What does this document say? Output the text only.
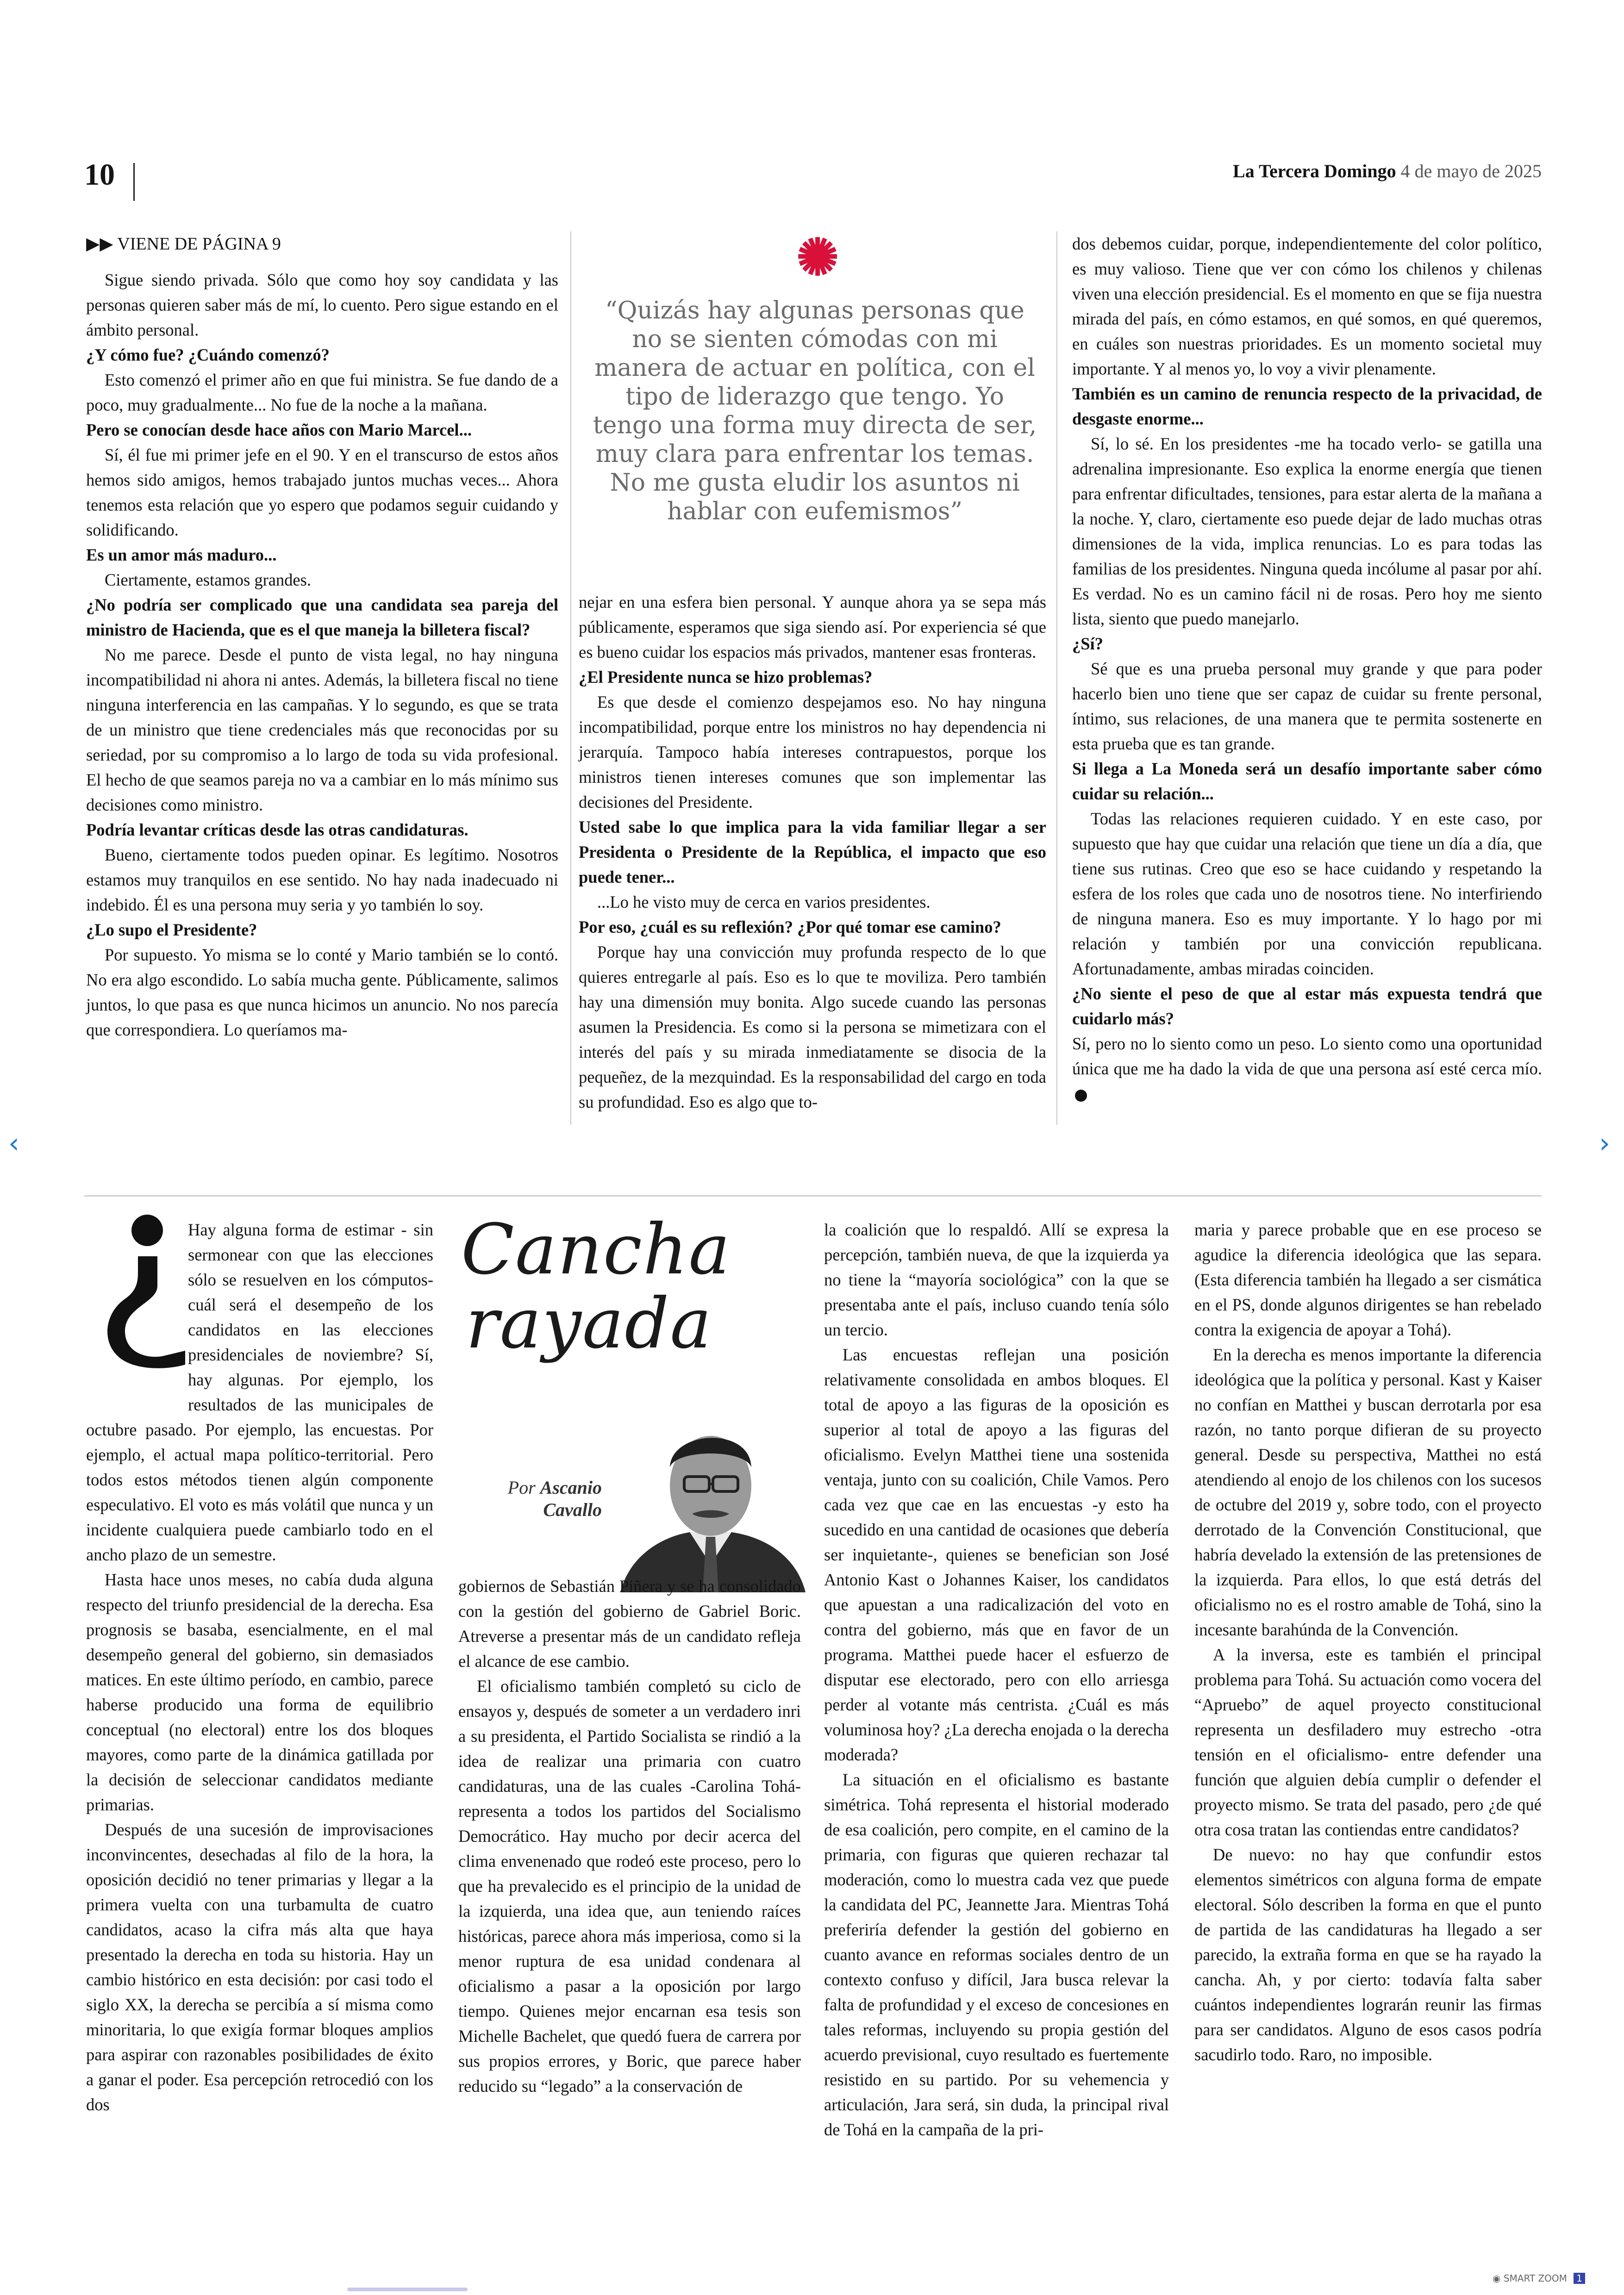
10	La Tercera Domingo 4 de mayo de 2025
‹	›
▶▶ VIENE DE PÁGINA 9

Sigue siendo privada. Sólo que como hoy soy candidata y las personas quieren saber más de mí, lo cuento. Pero sigue estando en el ámbito personal.

¿Y cómo fue? ¿Cuándo comenzó?

Esto comenzó el primer año en que fui ministra. Se fue dando de a poco, muy gradualmente... No fue de la noche a la mañana.

Pero se conocían desde hace años con Mario Marcel...

Sí, él fue mi primer jefe en el 90. Y en el transcurso de estos años hemos sido amigos, hemos trabajado juntos muchas veces... Ahora tenemos esta relación que yo espero que podamos seguir cuidando y solidificando.

Es un amor más maduro...

Ciertamente, estamos grandes.

¿No podría ser complicado que una candidata sea pareja del ministro de Hacienda, que es el que maneja la billetera fiscal?

No me parece. Desde el punto de vista legal, no hay ninguna incompatibilidad ni ahora ni antes. Además, la billetera fiscal no tiene ninguna interferencia en las campañas. Y lo segundo, es que se trata de un ministro que tiene credenciales más que reconocidas por su seriedad, por su compromiso a lo largo de toda su vida profesional. El hecho de que seamos pareja no va a cambiar en lo más mínimo sus decisiones como ministro.

Podría levantar críticas desde las otras candidaturas.

Bueno, ciertamente todos pueden opinar. Es legítimo. Nosotros estamos muy tranquilos en ese sentido. No hay nada inadecuado ni indebido. Él es una persona muy seria y yo también lo soy.

¿Lo supo el Presidente?

Por supuesto. Yo misma se lo conté y Mario también se lo contó. No era algo escondido. Lo sabía mucha gente. Públicamente, salimos juntos, lo que pasa es que nunca hicimos un anuncio. No nos parecía que correspondiera. Lo queríamos ma-

✺
“Quizás hay algunas personas que no se sienten cómodas con mi manera de actuar en política, con el tipo de liderazgo que tengo. Yo tengo una forma muy directa de ser, muy clara para enfrentar los temas. No me gusta eludir los asuntos ni hablar con eufemismos”

nejar en una esfera bien personal. Y aunque ahora ya se sepa más públicamente, esperamos que siga siendo así. Por experiencia sé que es bueno cuidar los espacios más privados, mantener esas fronteras.

¿El Presidente nunca se hizo problemas?

Es que desde el comienzo despejamos eso. No hay ninguna incompatibilidad, porque entre los ministros no hay dependencia ni jerarquía. Tampoco había intereses contrapuestos, porque los ministros tienen intereses comunes que son implementar las decisiones del Presidente.

Usted sabe lo que implica para la vida familiar llegar a ser Presidenta o Presidente de la República, el impacto que eso puede tener...

...Lo he visto muy de cerca en varios presidentes.

Por eso, ¿cuál es su reflexión? ¿Por qué tomar ese camino?

Porque hay una convicción muy profunda respecto de lo que quieres entregarle al país. Eso es lo que te moviliza. Pero también hay una dimensión muy bonita. Algo sucede cuando las personas asumen la Presidencia. Es como si la persona se mimetizara con el interés del país y su mirada inmediatamente se disocia de la pequeñez, de la mezquindad. Es la responsabilidad del cargo en toda su profundidad. Eso es algo que to-

dos debemos cuidar, porque, independientemente del color político, es muy valioso. Tiene que ver con cómo los chilenos y chilenas viven una elección presidencial. Es el momento en que se fija nuestra mirada del país, en cómo estamos, en qué somos, en qué queremos, en cuáles son nuestras prioridades. Es un momento societal muy importante. Y al menos yo, lo voy a vivir plenamente.

También es un camino de renuncia respecto de la privacidad, de desgaste enorme...

Sí, lo sé. En los presidentes -me ha tocado verlo- se gatilla una adrenalina impresionante. Eso explica la enorme energía que tienen para enfrentar dificultades, tensiones, para estar alerta de la mañana a la noche. Y, claro, ciertamente eso puede dejar de lado muchas otras dimensiones de la vida, implica renuncias. Lo es para todas las familias de los presidentes. Ninguna queda incólume al pasar por ahí. Es verdad. No es un camino fácil ni de rosas. Pero hoy me siento lista, siento que puedo manejarlo.

¿Sí?

Sé que es una prueba personal muy grande y que para poder hacerlo bien uno tiene que ser capaz de cuidar su frente personal, íntimo, sus relaciones, de una manera que te permita sostenerte en esta prueba que es tan grande.

Si llega a La Moneda será un desafío importante saber cómo cuidar su relación...

Todas las relaciones requieren cuidado. Y en este caso, por supuesto que hay que cuidar una relación que tiene un día a día, que tiene sus rutinas. Creo que eso se hace cuidando y respetando la esfera de los roles que cada uno de nosotros tiene. No interfiriendo de ninguna manera. Eso es muy importante. Y lo hago por mi relación y también por una convicción republicana. Afortunadamente, ambas miradas coinciden.

¿No siente el peso de que al estar más expuesta tendrá que cuidarlo más?

Sí, pero no lo siento como un peso. Lo siento como una oportunidad única que me ha dado la vida de que una persona así esté cerca mío.

Hay alguna forma de estimar - sin sermonear con que las elecciones sólo se resuelven en los cómputos- cuál será el desempeño de los candidatos en las elecciones presidenciales de noviembre? Sí, hay algunas. Por ejemplo, los resultados de las municipales de octubre pasado. Por ejemplo, las encuestas. Por ejemplo, el actual mapa político-territorial. Pero todos estos métodos tienen algún componente especulativo. El voto es más volátil que nunca y un incidente cualquiera puede cambiarlo todo en el ancho plazo de un semestre.

Hasta hace unos meses, no cabía duda alguna respecto del triunfo presidencial de la derecha. Esa prognosis se basaba, esencialmente, en el mal desempeño general del gobierno, sin demasiados matices. En este último período, en cambio, parece haberse producido una forma de equilibrio conceptual (no electoral) entre los dos bloques mayores, como parte de la dinámica gatillada por la decisión de seleccionar candidatos mediante primarias.

Después de una sucesión de improvisaciones inconvincentes, desechadas al filo de la hora, la oposición decidió no tener primarias y llegar a la primera vuelta con una turbamulta de cuatro candidatos, acaso la cifra más alta que haya presentado la derecha en toda su historia. Hay un cambio histórico en esta decisión: por casi todo el siglo XX, la derecha se percibía a sí misma como minoritaria, lo que exigía formar bloques amplios para aspirar con razonables posibilidades de éxito a ganar el poder. Esa percepción retrocedió con los dos

Cancha
rayada
Por Ascanio
Cavallo

gobiernos de Sebastián Piñera y se ha consolidado con la gestión del gobierno de Gabriel Boric. Atreverse a presentar más de un candidato refleja el alcance de ese cambio.

El oficialismo también completó su ciclo de ensayos y, después de someter a un verdadero inri a su presidenta, el Partido Socialista se rindió a la idea de realizar una primaria con cuatro candidaturas, una de las cuales -Carolina Tohá- representa a todos los partidos del Socialismo Democrático. Hay mucho por decir acerca del clima envenenado que rodeó este proceso, pero lo que ha prevalecido es el principio de la unidad de la izquierda, una idea que, aun teniendo raíces históricas, parece ahora más imperiosa, como si la menor ruptura de esa unidad condenara al oficialismo a pasar a la oposición por largo tiempo. Quienes mejor encarnan esa tesis son Michelle Bachelet, que quedó fuera de carrera por sus propios errores, y Boric, que parece haber reducido su “legado” a la conservación de

la coalición que lo respaldó. Allí se expresa la percepción, también nueva, de que la izquierda ya no tiene la “mayoría sociológica” con la que se presentaba ante el país, incluso cuando tenía sólo un tercio.

Las encuestas reflejan una posición relativamente consolidada en ambos bloques. El total de apoyo a las figuras de la oposición es superior al total de apoyo a las figuras del oficialismo. Evelyn Matthei tiene una sostenida ventaja, junto con su coalición, Chile Vamos. Pero cada vez que cae en las encuestas -y esto ha sucedido en una cantidad de ocasiones que debería ser inquietante-, quienes se benefician son José Antonio Kast o Johannes Kaiser, los candidatos que apuestan a una radicalización del voto en contra del gobierno, más que en favor de un programa. Matthei puede hacer el esfuerzo de disputar ese electorado, pero con ello arriesga perder al votante más centrista. ¿Cuál es más voluminosa hoy? ¿La derecha enojada o la derecha moderada?

La situación en el oficialismo es bastante simétrica. Tohá representa el historial moderado de esa coalición, pero compite, en el camino de la primaria, con figuras que quieren rechazar tal moderación, como lo muestra cada vez que puede la candidata del PC, Jeannette Jara. Mientras Tohá preferiría defender la gestión del gobierno en cuanto avance en reformas sociales dentro de un contexto confuso y difícil, Jara busca relevar la falta de profundidad y el exceso de concesiones en tales reformas, incluyendo su propia gestión del acuerdo previsional, cuyo resultado es fuertemente resistido en su partido. Por su vehemencia y articulación, Jara será, sin duda, la principal rival de Tohá en la campaña de la pri-

maria y parece probable que en ese proceso se agudice la diferencia ideológica que las separa. (Esta diferencia también ha llegado a ser cismática en el PS, donde algunos dirigentes se han rebelado contra la exigencia de apoyar a Tohá).

En la derecha es menos importante la diferencia ideológica que la política y personal. Kast y Kaiser no confían en Matthei y buscan derrotarla por esa razón, no tanto porque difieran de su proyecto general. Desde su perspectiva, Matthei no está atendiendo al enojo de los chilenos con los sucesos de octubre del 2019 y, sobre todo, con el proyecto derrotado de la Convención Constitucional, que habría develado la extensión de las pretensiones de la izquierda. Para ellos, lo que está detrás del oficialismo no es el rostro amable de Tohá, sino la incesante barahúnda de la Convención.

A la inversa, este es también el principal problema para Tohá. Su actuación como vocera del “Apruebo” de aquel proyecto constitucional representa un desfiladero muy estrecho -otra tensión en el oficialismo- entre defender una función que alguien debía cumplir o defender el proyecto mismo. Se trata del pasado, pero ¿de qué otra cosa tratan las contiendas entre candidatos?

De nuevo: no hay que confundir estos elementos simétricos con alguna forma de empate electoral. Sólo describen la forma en que el punto de partida de las candidaturas ha llegado a ser parecido, la extraña forma en que se ha rayado la cancha. Ah, y por cierto: todavía falta saber cuántos independientes lograrán reunir las firmas para ser candidatos. Alguno de esos casos podría sacudirlo todo. Raro, no imposible.

◉ SMART ZOOM 1
